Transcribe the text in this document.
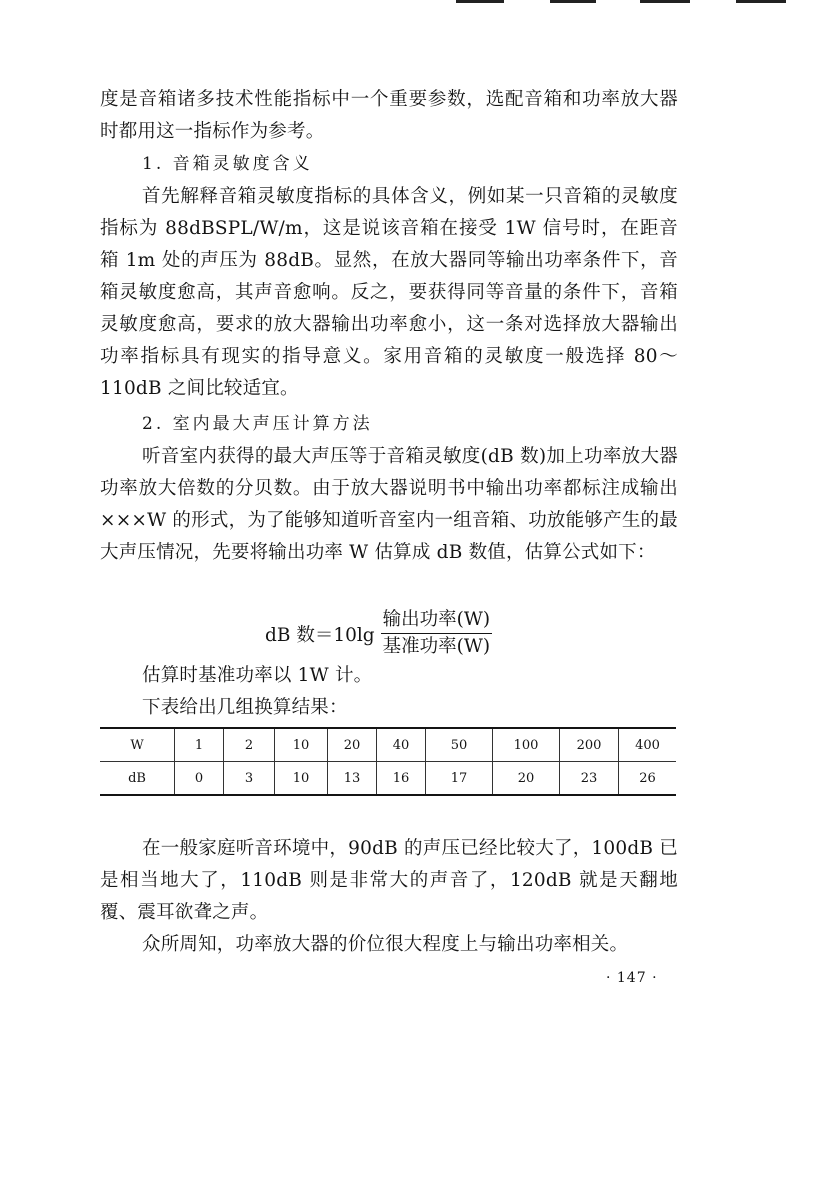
度是音箱诸多技术性能指标中一个重要参数，选配音箱和功率放大器时都用这一指标作为参考。

1. 音箱灵敏度含义

首先解释音箱灵敏度指标的具体含义，例如某一只音箱的灵敏度指标为 88dBSPL/W/m，这是说该音箱在接受 1W 信号时，在距音箱 1m 处的声压为 88dB。显然，在放大器同等输出功率条件下，音箱灵敏度愈高，其声音愈响。反之，要获得同等音量的条件下，音箱灵敏度愈高，要求的放大器输出功率愈小，这一条对选择放大器输出功率指标具有现实的指导意义。家用音箱的灵敏度一般选择 80～110dB 之间比较适宜。

2. 室内最大声压计算方法

听音室内获得的最大声压等于音箱灵敏度(dB 数)加上功率放大器功率放大倍数的分贝数。由于放大器说明书中输出功率都标注成输出×××W 的形式，为了能够知道听音室内一组音箱、功放能够产生的最大声压情况，先要将输出功率 W 估算成 dB 数值，估算公式如下：

dB 数$=10\lg \frac{\text{输出功率(W)}}{\text{基准功率(W)}}$

估算时基准功率以 1W 计。

下表给出几组换算结果：

W	1	2	10	20	40	50	100	200	400
dB	0	3	10	13	16	17	20	23	26

在一般家庭听音环境中，90dB 的声压已经比较大了，100dB 已是相当地大了，110dB 则是非常大的声音了，120dB 就是天翻地覆、震耳欲聋之声。

众所周知，功率放大器的价位很大程度上与输出功率相关。

· 147 ·
